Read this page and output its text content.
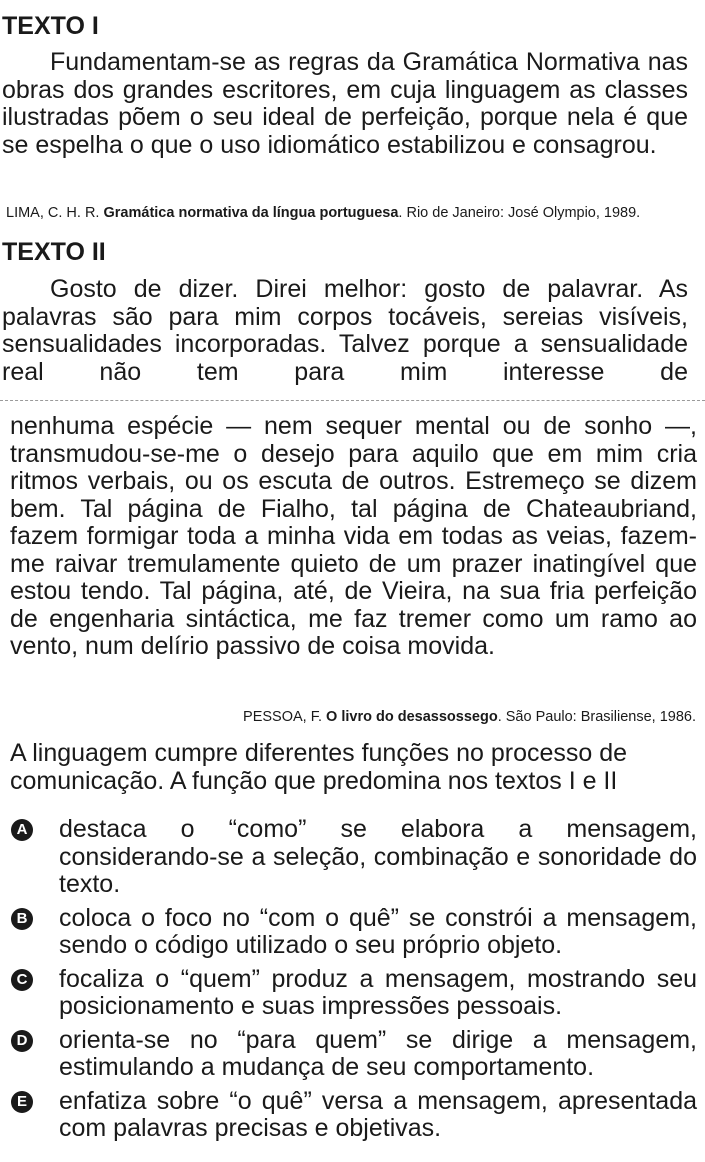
TEXTO I

Fundamentam-se as regras da Gramática Normativa nas obras dos grandes escritores, em cuja linguagem as classes ilustradas põem o seu ideal de perfeição, porque nela é que se espelha o que o uso idiomático estabilizou e consagrou.

LIMA, C. H. R. Gramática normativa da língua portuguesa. Rio de Janeiro: José Olympio, 1989.
TEXTO II

Gosto de dizer. Direi melhor: gosto de palavrar. As palavras são para mim corpos tocáveis, sereias visíveis, sensualidades incorporadas. Talvez porque a sensualidade real não tem para mim interesse de

nenhuma espécie — nem sequer mental ou de sonho —, transmudou-se-me o desejo para aquilo que em mim cria ritmos verbais, ou os escuta de outros. Estremeço se dizem bem. Tal página de Fialho, tal página de Chateaubriand, fazem formigar toda a minha vida em todas as veias, fazem-me raivar tremulamente quieto de um prazer inatingível que estou tendo. Tal página, até, de Vieira, na sua fria perfeição de engenharia sintáctica, me faz tremer como um ramo ao vento, num delírio passivo de coisa movida.

PESSOA, F. O livro do desassossego. São Paulo: Brasiliense, 1986.
A linguagem cumpre diferentes funções no processo de comunicação. A função que predomina nos textos I e II
A destaca o “como” se elabora a mensagem, considerando-se a seleção, combinação e sonoridade do texto.
B coloca o foco no “com o quê” se constrói a mensagem, sendo o código utilizado o seu próprio objeto.
C focaliza o “quem” produz a mensagem, mostrando seu posicionamento e suas impressões pessoais.
D orienta-se no “para quem” se dirige a mensagem, estimulando a mudança de seu comportamento.
E enfatiza sobre “o quê” versa a mensagem, apresentada com palavras precisas e objetivas.
